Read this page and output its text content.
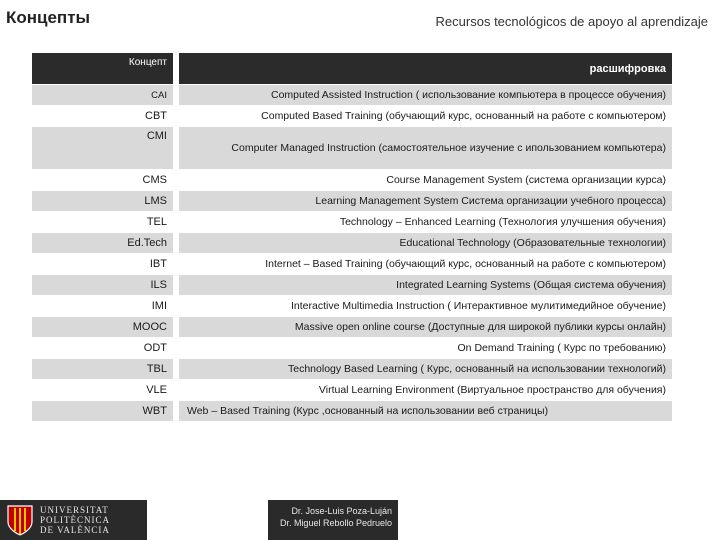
Концепты	Recursos tecnológicos de apoyo al aprendizaje
Концепт		расшифровка
CAI		Computed Assisted Instruction ( использование компьютера в процессе обучения)
CBT		Computed Based Training (обучающий курс, основанный на работе с компьютером)
CMI		Computer Managed Instruction (самостоятельное изучение с ипользованием компьютера)
CMS		Course Management System (система организации курса)
LMS		Learning Management System Система организации учебного процесса)
TEL		Technology – Enhanced Learning (Технология улучшения обучения)
Ed.Tech		Educational Technology (Образовательные технологии)
IBT		Internet – Based Training (обучающий курс, основанный на работе с компьютером)
ILS		Integrated Learning Systems (Общая система обучения)
IMI		Interactive Multimedia Instruction ( Интерактивное мулитимедийное обучение)
MOOC		Massive open online course (Доступные для широкой публики курсы онлайн)
ODT		On Demand Training ( Курс по требованию)
TBL		Technology Based Learning ( Курс, основанный на использовании технологий)
VLE		Virtual Learning Environment (Виртуальное пространство для обучения)
WBT		Web – Based Training (Курс ,основанный на использовании веб страницы)
UNIVERSITAT
POLITÈCNICA
DE VALÈNCIA
Dr. Jose-Luis Poza-Luján
Dr. Miguel Rebollo Pedruelo
